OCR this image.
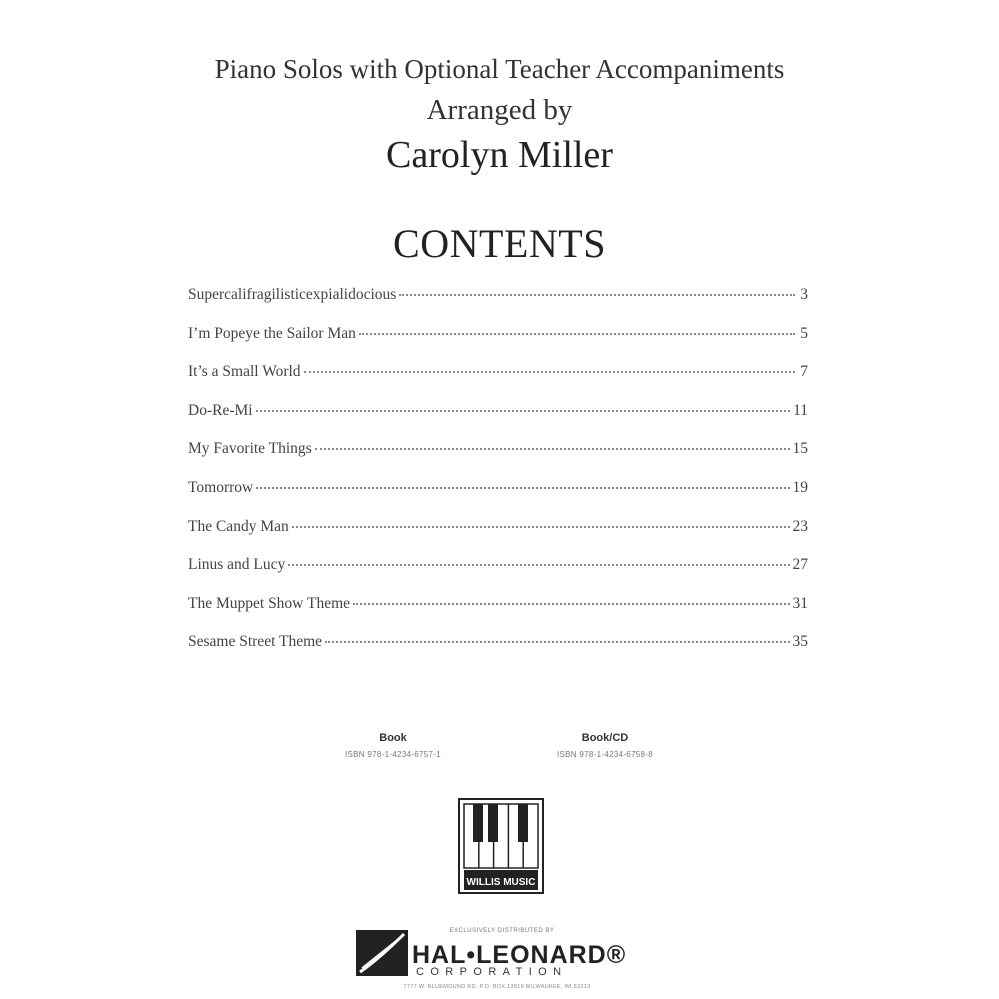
Piano Solos with Optional Teacher Accompaniments
Arranged by
Carolyn Miller
CONTENTS
Supercalifragilisticexpialidocious	3
I’m Popeye the Sailor Man	5
It’s a Small World	7
Do-Re-Mi	11
My Favorite Things	15
Tomorrow	19
The Candy Man	23
Linus and Lucy	27
The Muppet Show Theme	31
Sesame Street Theme	35
Book
ISBN 978-1-4234-6757-1
Book/CD
ISBN 978-1-4234-6758-8
WILLIS MUSIC
EXCLUSIVELY DISTRIBUTED BY
HAL•LEONARD®
CORPORATION
7777 W. BLUEMOUND RD. P.O. BOX 13819 MILWAUKEE, WI 53213
